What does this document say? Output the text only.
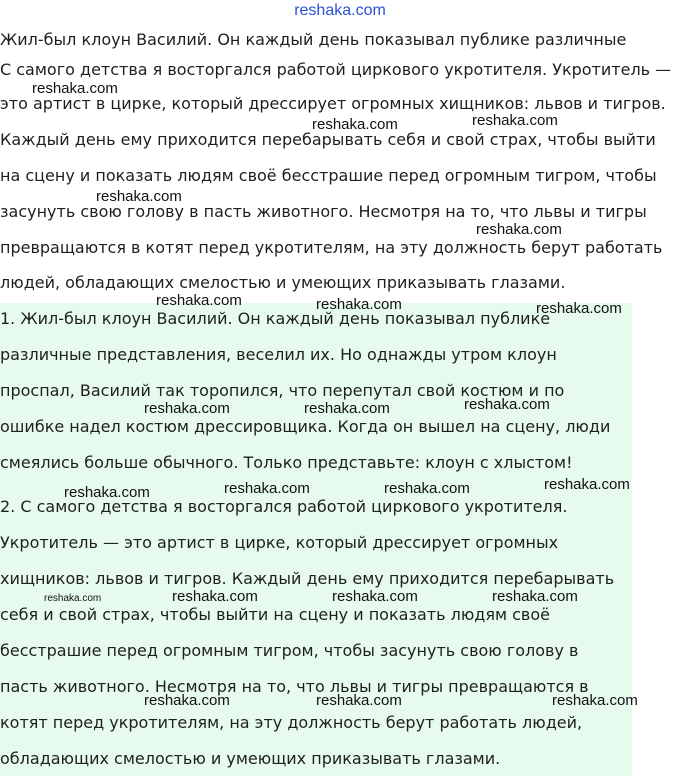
reshaka.com
Жил-был клоун Василий. Он каждый день показывал публике различные
С самого детства я восторгался работой циркового укротителя. Укротитель —
это артист в цирке, который дрессирует огромных хищников: львов и тигров.
Каждый день ему приходится перебарывать себя и свой страх, чтобы выйти
на сцену и показать людям своё бесстрашие перед огромным тигром, чтобы
засунуть свою голову в пасть животного. Несмотря на то, что львы и тигры
превращаются в котят перед укротителям, на эту должность берут работать
людей, обладающих смелостью и умеющих приказывать глазами.
1. Жил-был клоун Василий. Он каждый день показывал публике
различные представления, веселил их. Но однажды утром клоун
проспал, Василий так торопился, что перепутал свой костюм и по
ошибке надел костюм дрессировщика. Когда он вышел на сцену, люди
смеялись больше обычного. Только представьте: клоун с хлыстом!
2. С самого детства я восторгался работой циркового укротителя.
Укротитель — это артист в цирке, который дрессирует огромных
хищников: львов и тигров. Каждый день ему приходится перебарывать
себя и свой страх, чтобы выйти на сцену и показать людям своё
бесстрашие перед огромным тигром, чтобы засунуть свою голову в
пасть животного. Несмотря на то, что львы и тигры превращаются в
котят перед укротителям, на эту должность берут работать людей,
обладающих смелостью и умеющих приказывать глазами.
reshaka.com
reshaka.com	reshaka.com
reshaka.com
reshaka.com
reshaka.com	reshaka.com	reshaka.com
reshaka.com	reshaka.com	reshaka.com
reshaka.com	reshaka.com	reshaka.com	reshaka.com
reshaka.com	reshaka.com	reshaka.com	reshaka.com
reshaka.com	reshaka.com	reshaka.com
